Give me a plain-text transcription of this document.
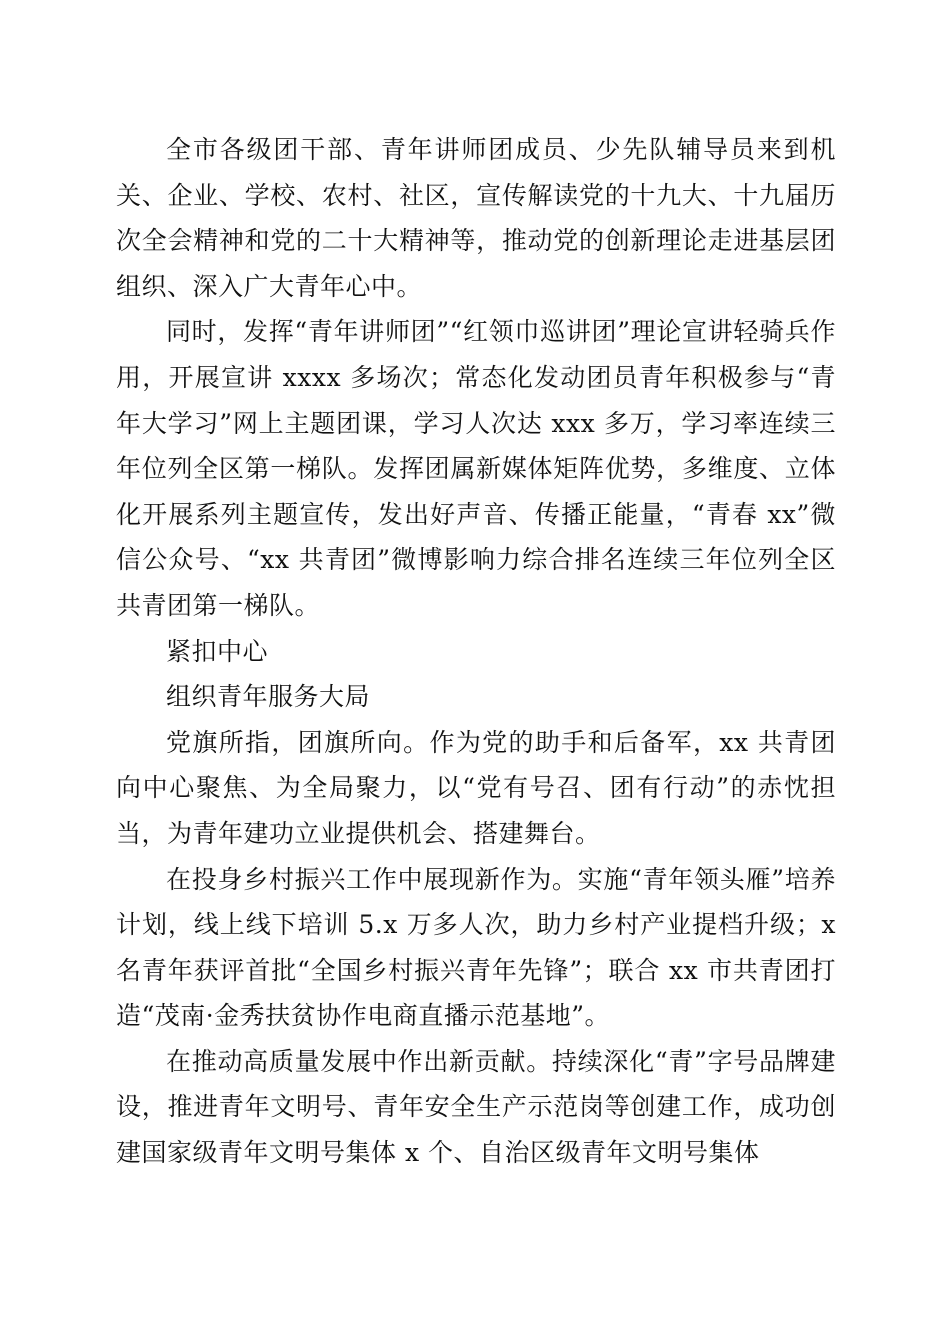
全市各级团干部、青年讲师团成员、少先队辅导员来到机关、企业、学校、农村、社区，宣传解读党的十九大、十九届历次全会精神和党的二十大精神等，推动党的创新理论走进基层团组织、深入广大青年心中。

同时，发挥“青年讲师团”“红领巾巡讲团”理论宣讲轻骑兵作用，开展宣讲 xxxx 多场次；常态化发动团员青年积极参与“青年大学习”网上主题团课，学习人次达 xxx 多万，学习率连续三年位列全区第一梯队。发挥团属新媒体矩阵优势，多维度、立体化开展系列主题宣传，发出好声音、传播正能量，“青春 xx”微信公众号、“xx 共青团”微博影响力综合排名连续三年位列全区共青团第一梯队。

紧扣中心

组织青年服务大局

党旗所指，团旗所向。作为党的助手和后备军，xx 共青团向中心聚焦、为全局聚力，以“党有号召、团有行动”的赤忱担当，为青年建功立业提供机会、搭建舞台。

在投身乡村振兴工作中展现新作为。实施“青年领头雁”培养计划，线上线下培训 5.x 万多人次，助力乡村产业提档升级；x 名青年获评首批“全国乡村振兴青年先锋”；联合 xx 市共青团打造“茂南·金秀扶贫协作电商直播示范基地”。

在推动高质量发展中作出新贡献。持续深化“青”字号品牌建设，推进青年文明号、青年安全生产示范岗等创建工作，成功创建国家级青年文明号集体 x 个、自治区级青年文明号集体
